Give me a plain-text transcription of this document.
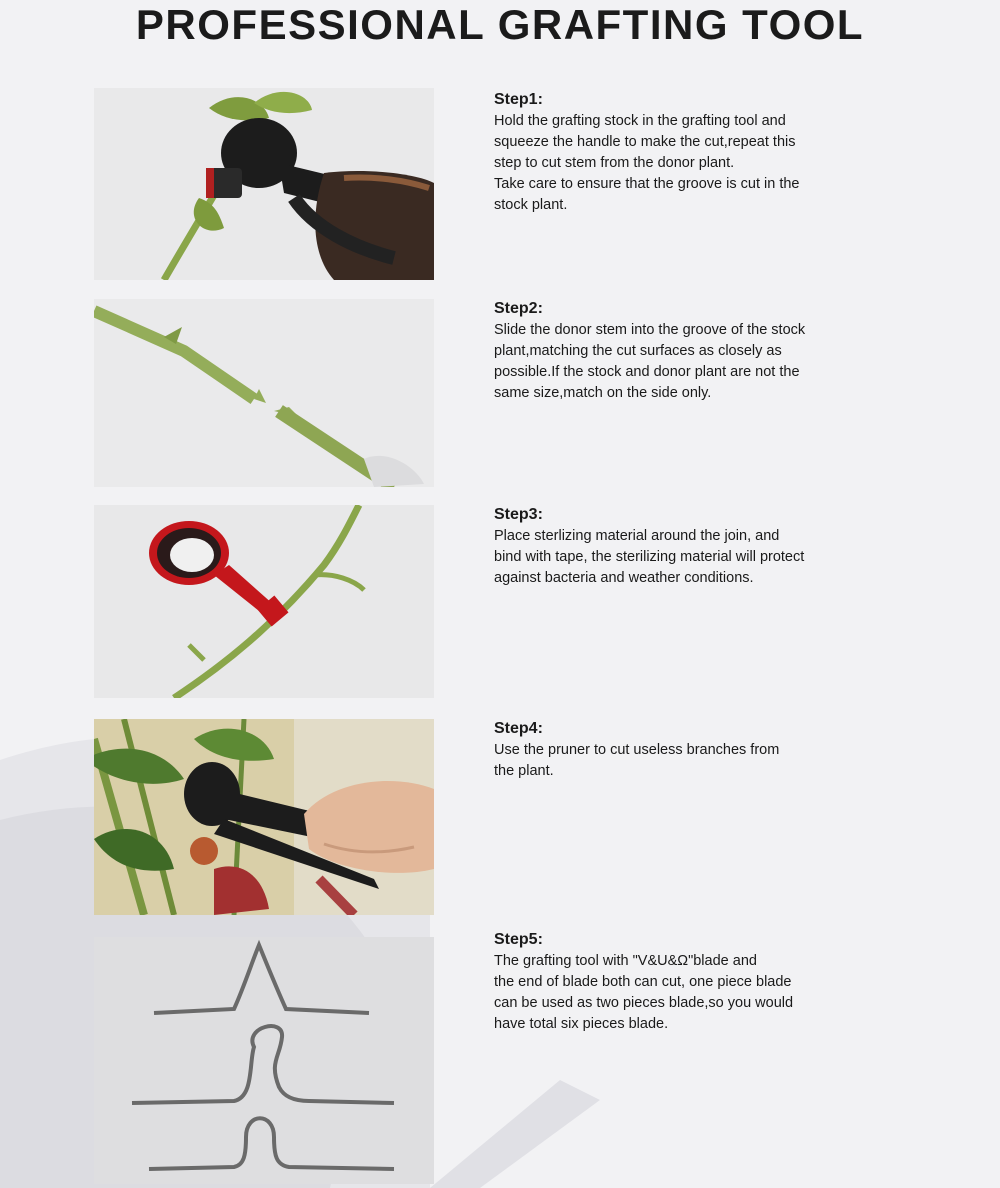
PROFESSIONAL GRAFTING TOOL
Step1:
Hold the grafting stock in the grafting tool and
squeeze the handle to make the cut,repeat this
step to cut stem from the donor plant.
Take care to ensure that the groove is cut in the
stock plant.
Step2:
Slide the donor stem into the groove of the stock
plant,matching the cut surfaces as closely as
possible.If the stock and donor plant are not the
same size,match on the side only.
Step3:
Place sterlizing material around the join, and
bind with tape, the sterilizing material will protect
against bacteria and weather conditions.
Step4:
Use the pruner to cut useless branches from
the plant.
Step5:
The grafting tool with "V&U&Ω"blade and
the end of blade both can cut, one piece blade
can be used as two pieces blade,so you would
have total six pieces blade.
